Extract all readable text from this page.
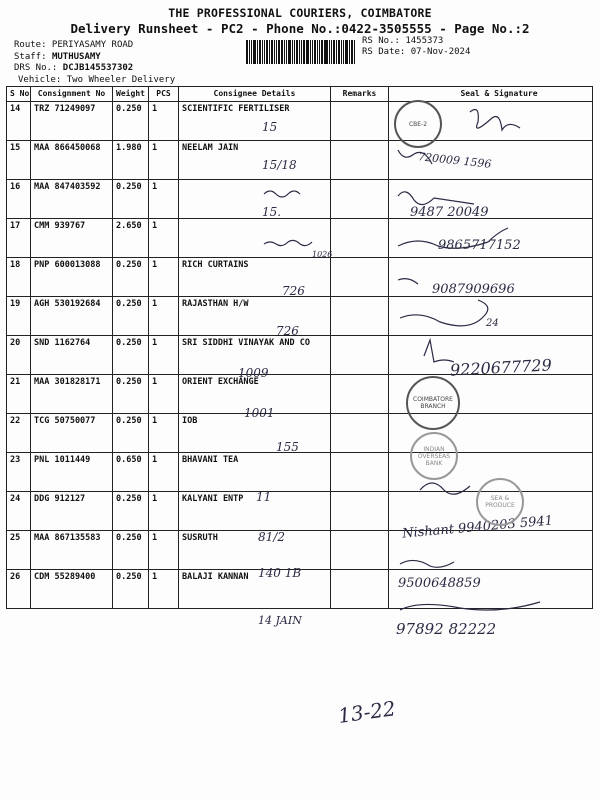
THE PROFESSIONAL COURIERS, COIMBATORE
Delivery Runsheet - PC2 - Phone No.:0422-3505555 - Page No.:2
Route: PERIYASAMY ROAD
Staff: MUTHUSAMY
DRS No.: DCJB145537302
Vehicle: Two Wheeler Delivery
RS No.: 1455373
RS Date: 07-Nov-2024
S No	Consignment No	Weight	PCS	Consignee Details	Remarks	Seal & Signature
14	TRZ 71249097	0.250	1	SCIENTIFIC FERTILISER		
15	MAA 866450068	1.980	1	NEELAM JAIN		
16	MAA 847403592	0.250	1			
17	CMM 939767	2.650	1			
18	PNP 600013088	0.250	1	RICH CURTAINS		
19	AGH 530192684	0.250	1	RAJASTHAN H/W		
20	SND 1162764	0.250	1	SRI SIDDHI VINAYAK AND CO		
21	MAA 301828171	0.250	1	ORIENT EXCHANGE		
22	TCG 50750077	0.250	1	IOB		
23	PNL 1011449	0.650	1	BHAVANI TEA		
24	DDG 912127	0.250	1	KALYANI ENTP		
25	MAA 867135583	0.250	1	SUSRUTH		
26	CDM 55289400	0.250	1	BALAJI KANNAN		
15
15/18	720009 1596
15.	9487 20049
1026
9865717152
726	9087909696
726
24
1009	9220677729
1001
155
11
81/2	Nishant 9940203 5941
140 1B
9500648859
14 JAIN	97892 82222
13-22
CBE-2
COIMBATORE BRANCH
INDIAN OVERSEAS BANK
SEA & PRODUCE
